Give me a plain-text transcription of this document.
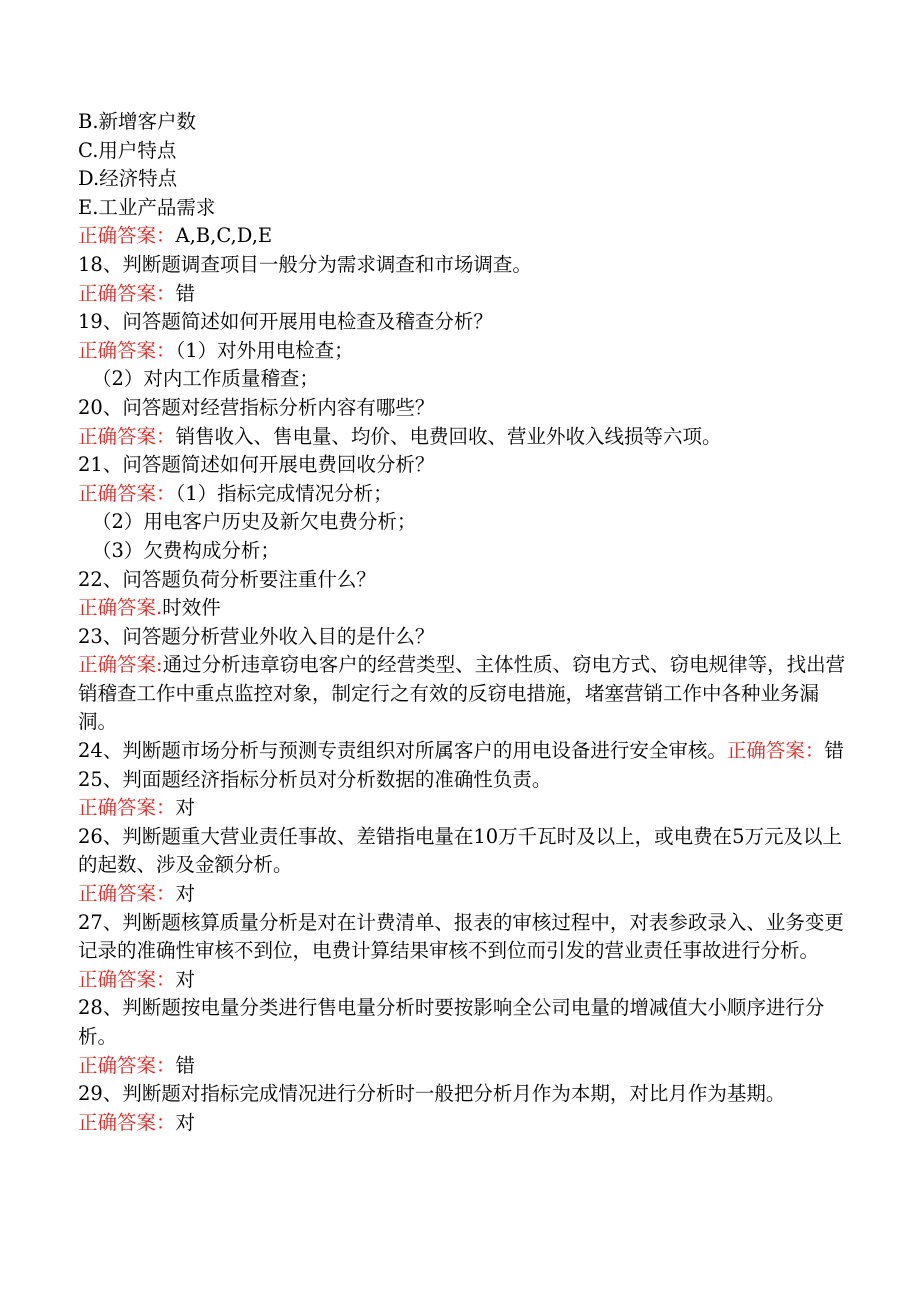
B.新增客户数
C.用户特点
D.经济特点
E.工业产品需求
正确答案：A,B,C,D,E
18、判断题调查项目一般分为需求调查和市场调查。
正确答案：错
19、问答题简述如何开展用电检查及稽查分析？
正确答案：（1）对外用电检查；
（2）对内工作质量稽查；
20、问答题对经营指标分析内容有哪些？
正确答案：销售收入、售电量、均价、电费回收、营业外收入线损等六项。
21、问答题简述如何开展电费回收分析？
正确答案：（1）指标完成情况分析；
（2）用电客户历史及新欠电费分析；
（3）欠费构成分析；
22、问答题负荷分析要注重什么？
正确答案.时效件
23、问答题分析营业外收入目的是什么？
正确答案:通过分析违章窃电客户的经营类型、主体性质、窃电方式、窃电规律等，找出营销稽查工作中重点监控对象，制定行之有效的反窃电措施，堵塞营销工作中各种业务漏洞。
24、判断题市场分析与预测专责组织对所属客户的用电设备进行安全审核。正确答案：错
25、判面题经济指标分析员对分析数据的准确性负责。
正确答案：对
26、判断题重大营业责任事故、差错指电量在10万千瓦时及以上，或电费在5万元及以上的起数、涉及金额分析。
正确答案：对
27、判断题核算质量分析是对在计费清单、报表的审核过程中，对表参政录入、业务变更记录的准确性审核不到位，电费计算结果审核不到位而引发的营业责任事故进行分析。
正确答案：对
28、判断题按电量分类进行售电量分析时要按影响全公司电量的增减值大小顺序进行分析。
正确答案：错
29、判断题对指标完成情况进行分析时一般把分析月作为本期，对比月作为基期。
正确答案：对
